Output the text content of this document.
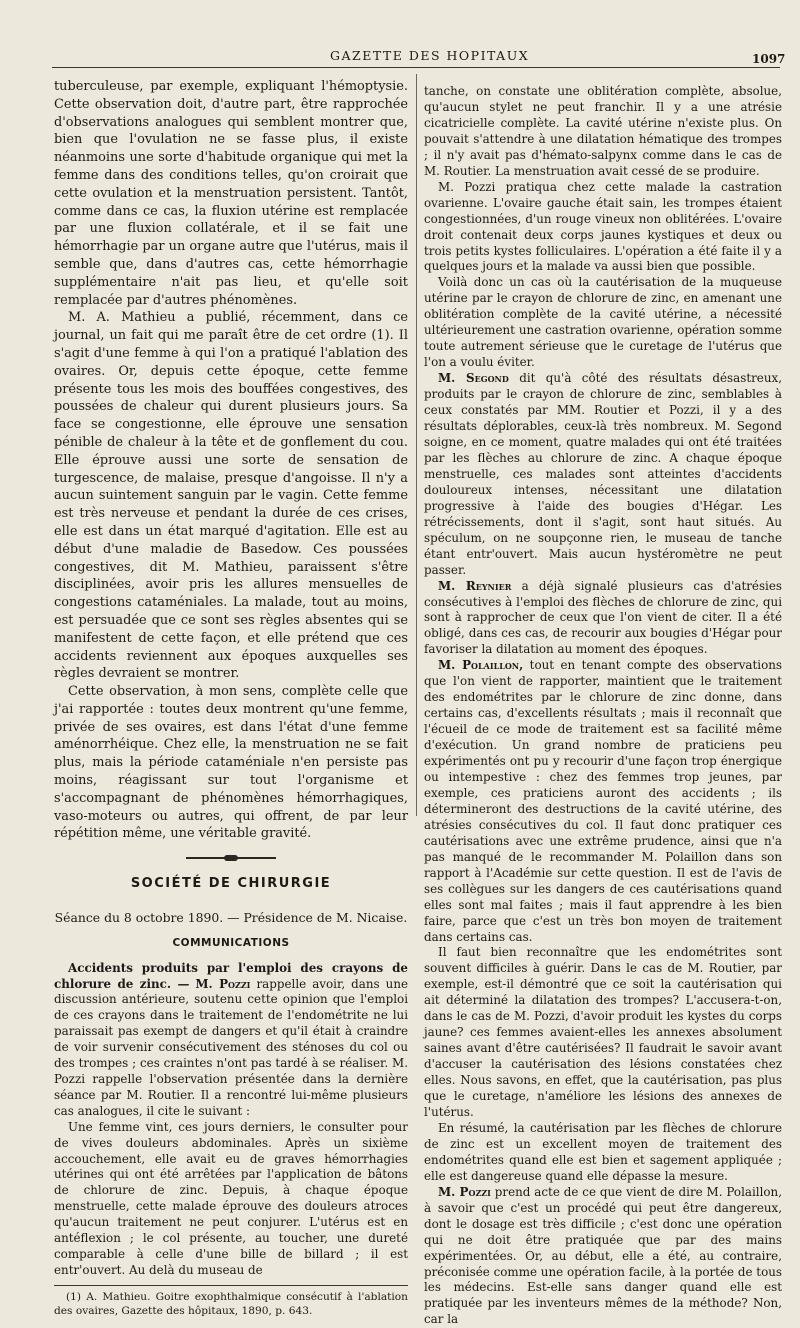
GAZETTE DES HOPITAUX	1097

tuberculeuse, par exemple, expliquant l'hémoptysie. Cette observation doit, d'autre part, être rapprochée d'observations analogues qui semblent montrer que, bien que l'ovulation ne se fasse plus, il existe néanmoins une sorte d'habitude organique qui met la femme dans des conditions telles, qu'on croirait que cette ovulation et la menstruation persistent. Tantôt, comme dans ce cas, la fluxion utérine est remplacée par une fluxion collatérale, et il se fait une hémorrhagie par un organe autre que l'utérus, mais il semble que, dans d'autres cas, cette hémorrhagie supplémentaire n'ait pas lieu, et qu'elle soit remplacée par d'autres phénomènes.

M. A. Mathieu a publié, récemment, dans ce journal, un fait qui me paraît être de cet ordre (1). Il s'agit d'une femme à qui l'on a pratiqué l'ablation des ovaires. Or, depuis cette époque, cette femme présente tous les mois des bouffées congestives, des poussées de chaleur qui durent plusieurs jours. Sa face se congestionne, elle éprouve une sensation pénible de chaleur à la tête et de gonflement du cou. Elle éprouve aussi une sorte de sensation de turgescence, de malaise, presque d'angoisse. Il n'y a aucun suintement sanguin par le vagin. Cette femme est très nerveuse et pendant la durée de ces crises, elle est dans un état marqué d'agitation. Elle est au début d'une maladie de Basedow. Ces poussées congestives, dit M. Mathieu, paraissent s'être disciplinées, avoir pris les allures mensuelles de congestions cataméniales. La malade, tout au moins, est persuadée que ce sont ses règles absentes qui se manifestent de cette façon, et elle prétend que ces accidents reviennent aux époques auxquelles ses règles devraient se montrer.

Cette observation, à mon sens, complète celle que j'ai rapportée : toutes deux montrent qu'une femme, privée de ses ovaires, est dans l'état d'une femme aménorrhéique. Chez elle, la menstruation ne se fait plus, mais la période cataméniale n'en persiste pas moins, réagissant sur tout l'organisme et s'accompagnant de phénomènes hémorrhagiques, vaso-moteurs ou autres, qui offrent, de par leur répétition même, une véritable gravité.

SOCIÉTÉ DE CHIRURGIE
Séance du 8 octobre 1890. — Présidence de M. Nicaise.
COMMUNICATIONS

Accidents produits par l'emploi des crayons de chlorure de zinc. — M. Pozzi rappelle avoir, dans une discussion antérieure, soutenu cette opinion que l'emploi de ces crayons dans le traitement de l'endométrite ne lui paraissait pas exempt de dangers et qu'il était à craindre de voir survenir consécutivement des sténoses du col ou des trompes ; ces craintes n'ont pas tardé à se réaliser. M. Pozzi rappelle l'observation présentée dans la dernière séance par M. Routier. Il a rencontré lui-même plusieurs cas analogues, il cite le suivant :

Une femme vint, ces jours derniers, le consulter pour de vives douleurs abdominales. Après un sixième accouchement, elle avait eu de graves hémorrhagies utérines qui ont été arrêtées par l'application de bâtons de chlorure de zinc. Depuis, à chaque époque menstruelle, cette malade éprouve des douleurs atroces qu'aucun traitement ne peut conjurer. L'utérus est en antéflexion ; le col présente, au toucher, une dureté comparable à celle d'une bille de billard ; il est entr'ouvert. Au delà du museau de

(1) A. Mathieu. Goitre exophthalmique consécutif à l'ablation des ovaires, Gazette des hôpitaux, 1890, p. 643.

tanche, on constate une oblitération complète, absolue, qu'aucun stylet ne peut franchir. Il y a une atrésie cicatricielle complète. La cavité utérine n'existe plus. On pouvait s'attendre à une dilatation hématique des trompes ; il n'y avait pas d'hémato-salpynx comme dans le cas de M. Routier. La menstruation avait cessé de se produire.

M. Pozzi pratiqua chez cette malade la castration ovarienne. L'ovaire gauche était sain, les trompes étaient congestionnées, d'un rouge vineux non oblitérées. L'ovaire droit contenait deux corps jaunes kystiques et deux ou trois petits kystes folliculaires. L'opération a été faite il y a quelques jours et la malade va aussi bien que possible.

Voilà donc un cas où la cautérisation de la muqueuse utérine par le crayon de chlorure de zinc, en amenant une oblitération complète de la cavité utérine, a nécessité ultérieurement une castration ovarienne, opération somme toute autrement sérieuse que le curetage de l'utérus que l'on a voulu éviter.

M. Segond dit qu'à côté des résultats désastreux, produits par le crayon de chlorure de zinc, semblables à ceux constatés par MM. Routier et Pozzi, il y a des résultats déplorables, ceux-là très nombreux. M. Segond soigne, en ce moment, quatre malades qui ont été traitées par les flèches au chlorure de zinc. A chaque époque menstruelle, ces malades sont atteintes d'accidents douloureux intenses, nécessitant une dilatation progressive à l'aide des bougies d'Hégar. Les rétrécissements, dont il s'agit, sont haut situés. Au spéculum, on ne soupçonne rien, le museau de tanche étant entr'ouvert. Mais aucun hystéromètre ne peut passer.

M. Reynier a déjà signalé plusieurs cas d'atrésies consécutives à l'emploi des flèches de chlorure de zinc, qui sont à rapprocher de ceux que l'on vient de citer. Il a été obligé, dans ces cas, de recourir aux bougies d'Hégar pour favoriser la dilatation au moment des époques.

M. Polaillon, tout en tenant compte des observations que l'on vient de rapporter, maintient que le traitement des endométrites par le chlorure de zinc donne, dans certains cas, d'excellents résultats ; mais il reconnaît que l'écueil de ce mode de traitement est sa facilité même d'exécution. Un grand nombre de praticiens peu expérimentés ont pu y recourir d'une façon trop énergique ou intempestive : chez des femmes trop jeunes, par exemple, ces praticiens auront des accidents ; ils détermineront des destructions de la cavité utérine, des atrésies consécutives du col. Il faut donc pratiquer ces cautérisations avec une extrême prudence, ainsi que n'a pas manqué de le recommander M. Polaillon dans son rapport à l'Académie sur cette question. Il est de l'avis de ses collègues sur les dangers de ces cautérisations quand elles sont mal faites ; mais il faut apprendre à les bien faire, parce que c'est un très bon moyen de traitement dans certains cas.

Il faut bien reconnaître que les endométrites sont souvent difficiles à guérir. Dans le cas de M. Routier, par exemple, est-il démontré que ce soit la cautérisation qui ait déterminé la dilatation des trompes? L'accusera-t-on, dans le cas de M. Pozzi, d'avoir produit les kystes du corps jaune? ces femmes avaient-elles les annexes absolument saines avant d'être cautérisées? Il faudrait le savoir avant d'accuser la cautérisation des lésions constatées chez elles. Nous savons, en effet, que la cautérisation, pas plus que le curetage, n'améliore les lésions des annexes de l'utérus.

En résumé, la cautérisation par les flèches de chlorure de zinc est un excellent moyen de traitement des endométrites quand elle est bien et sagement appliquée ; elle est dangereuse quand elle dépasse la mesure.

M. Pozzi prend acte de ce que vient de dire M. Polaillon, à savoir que c'est un procédé qui peut être dangereux, dont le dosage est très difficile ; c'est donc une opération qui ne doit être pratiquée que par des mains expérimentées. Or, au début, elle a été, au contraire, préconisée comme une opération facile, à la portée de tous les médecins. Est-elle sans danger quand elle est pratiquée par les inventeurs mêmes de la méthode? Non, car la
